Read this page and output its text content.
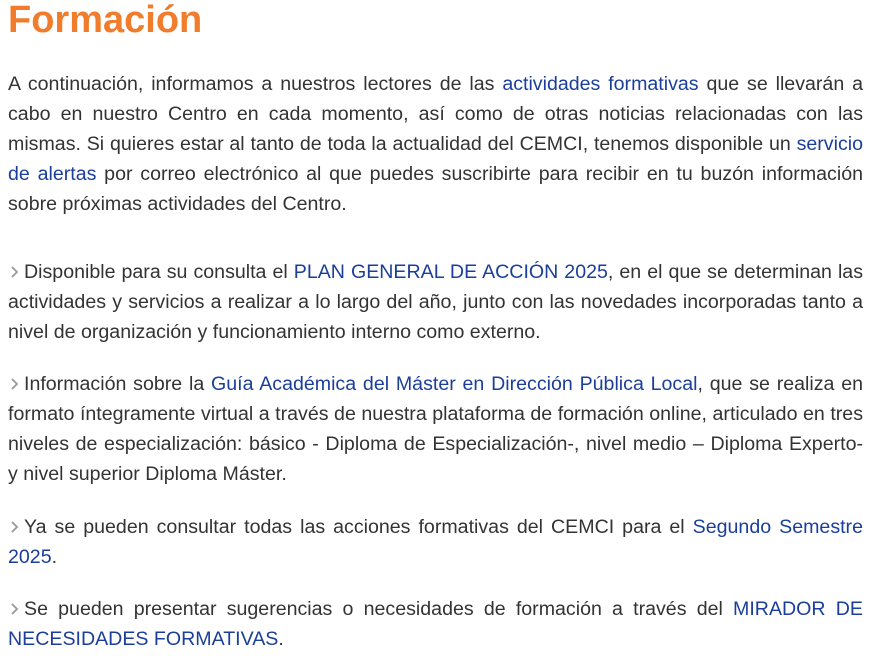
Formación

A continuación, informamos a nuestros lectores de las actividades formativas que se llevarán a cabo en nuestro Centro en cada momento, así como de otras noticias relacionadas con las mismas. Si quieres estar al tanto de toda la actualidad del CEMCI, tenemos disponible un servicio de alertas por correo electrónico al que puedes suscribirte para recibir en tu buzón información sobre próximas actividades del Centro.

Disponible para su consulta el PLAN GENERAL DE ACCIÓN 2025, en el que se determinan las actividades y servicios a realizar a lo largo del año, junto con las novedades incorporadas tanto a nivel de organización y funcionamiento interno como externo.

Información sobre la Guía Académica del Máster en Dirección Pública Local, que se realiza en formato íntegramente virtual a través de nuestra plataforma de formación online, articulado en tres niveles de especialización: básico - Diploma de Especialización-, nivel medio – Diploma Experto- y nivel superior Diploma Máster.

Ya se pueden consultar todas las acciones formativas del CEMCI para el Segundo Semestre 2025.

Se pueden presentar sugerencias o necesidades de formación a través del MIRADOR DE NECESIDADES FORMATIVAS.
